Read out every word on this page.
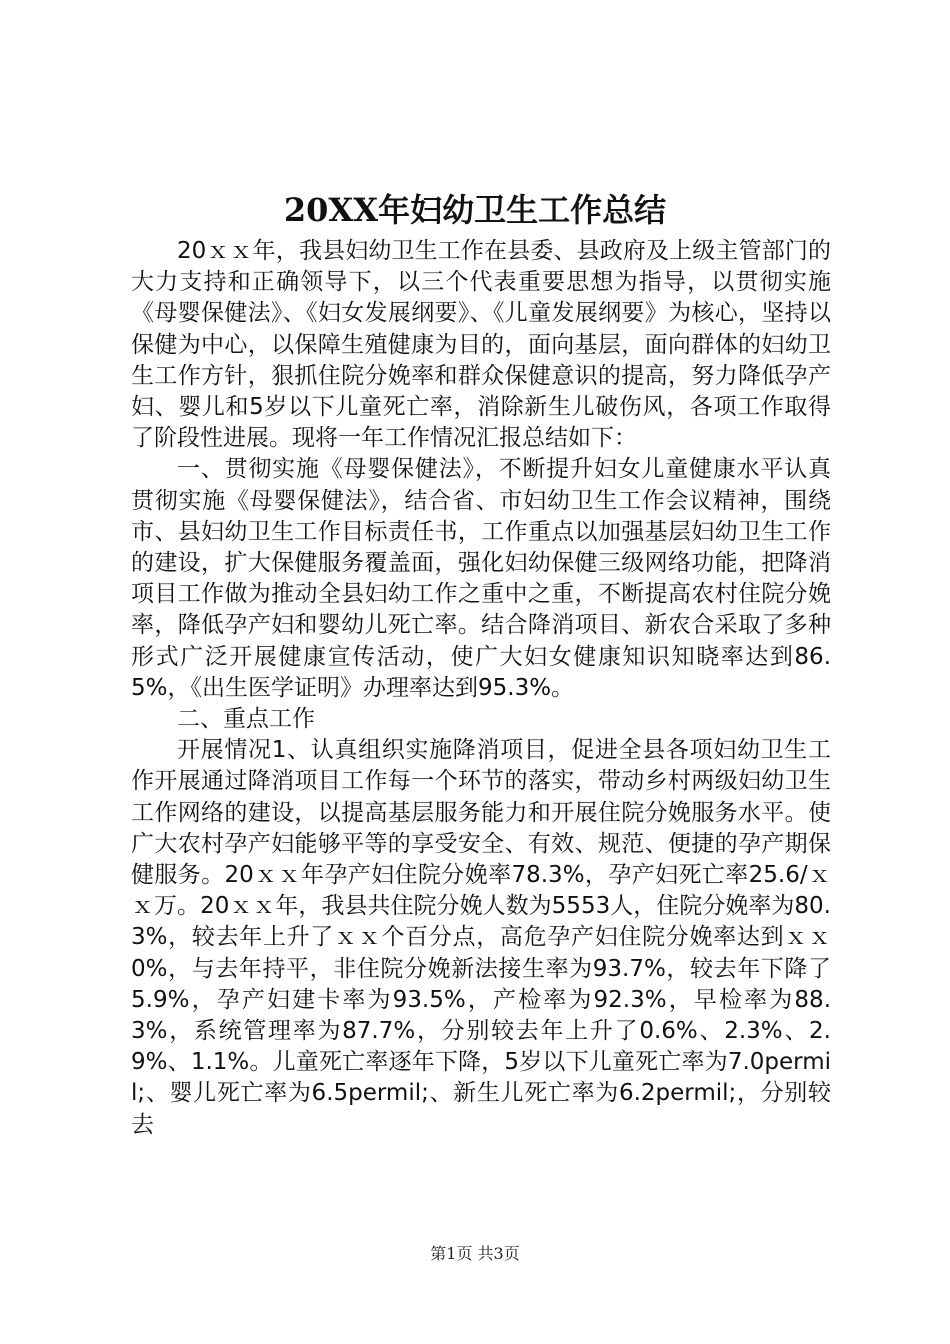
20XX年妇幼卫生工作总结

20ｘｘ年，我县妇幼卫生工作在县委、县政府及上级主管部门的大力支持和正确领导下，以三个代表重要思想为指导，以贯彻实施《母婴保健法》、《妇女发展纲要》、《儿童发展纲要》为核心，坚持以保健为中心，以保障生殖健康为目的，面向基层，面向群体的妇幼卫生工作方针，狠抓住院分娩率和群众保健意识的提高，努力降低孕产妇、婴儿和5岁以下儿童死亡率，消除新生儿破伤风，各项工作取得了阶段性进展。现将一年工作情况汇报总结如下：

一、贯彻实施《母婴保健法》，不断提升妇女儿童健康水平认真贯彻实施《母婴保健法》，结合省、市妇幼卫生工作会议精神，围绕市、县妇幼卫生工作目标责任书，工作重点以加强基层妇幼卫生工作的建设，扩大保健服务覆盖面，强化妇幼保健三级网络功能，把降消项目工作做为推动全县妇幼工作之重中之重，不断提高农村住院分娩率，降低孕产妇和婴幼儿死亡率。结合降消项目、新农合采取了多种形式广泛开展健康宣传活动，使广大妇女健康知识知晓率达到86.5%，《出生医学证明》办理率达到95.3%。

二、重点工作

开展情况1、认真组织实施降消项目，促进全县各项妇幼卫生工作开展通过降消项目工作每一个环节的落实，带动乡村两级妇幼卫生工作网络的建设，以提高基层服务能力和开展住院分娩服务水平。使广大农村孕产妇能够平等的享受安全、有效、规范、便捷的孕产期保健服务。20ｘｘ年孕产妇住院分娩率78.3%，孕产妇死亡率25.6/ｘｘ万。20ｘｘ年，我县共住院分娩人数为5553人，住院分娩率为80.3%，较去年上升了ｘｘ个百分点，高危孕产妇住院分娩率达到ｘｘ0%，与去年持平，非住院分娩新法接生率为93.7%，较去年下降了5.9%，孕产妇建卡率为93.5%，产检率为92.3%，早检率为88.3%，系统管理率为87.7%，分别较去年上升了0.6%、2.3%、2.9%、1.1%。儿童死亡率逐年下降，5岁以下儿童死亡率为7.0permil;、婴儿死亡率为6.5permil;、新生儿死亡率为6.2permil;，分别较去

第1页 共3页
